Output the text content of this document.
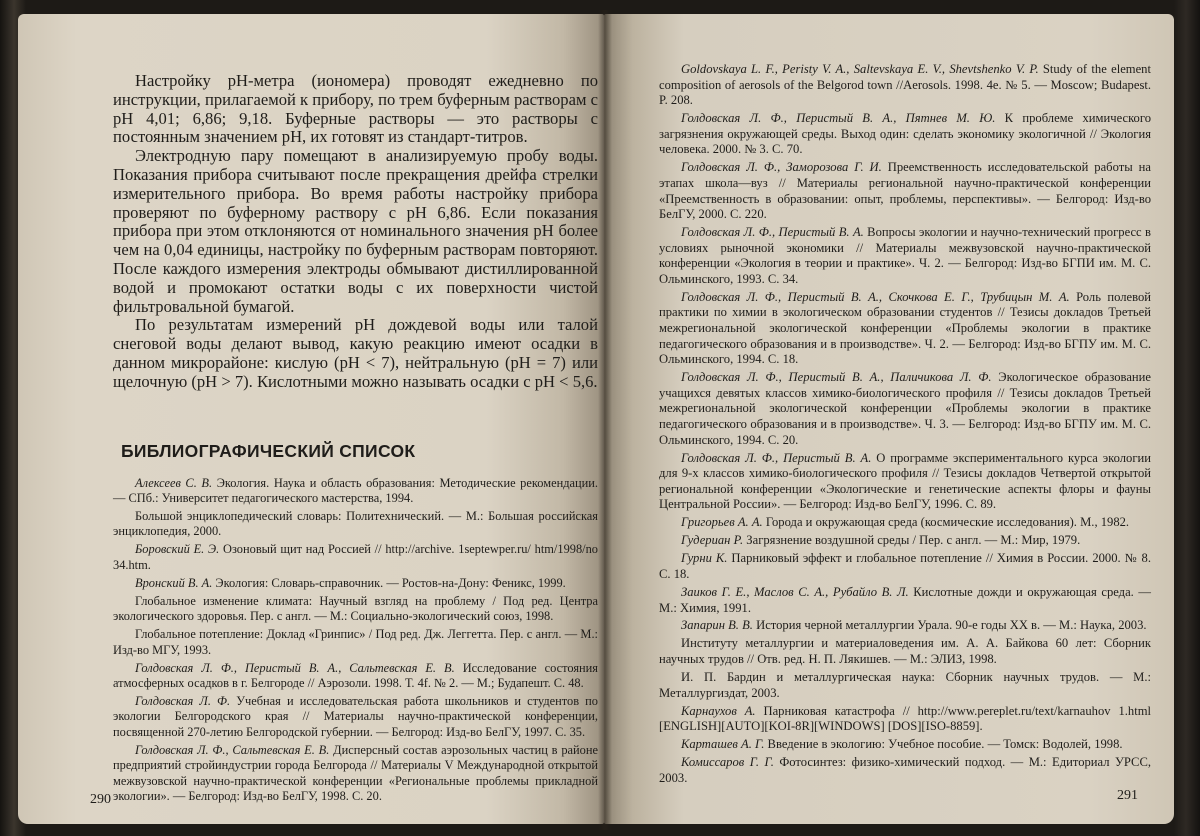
Настройку pH-метра (иономера) проводят ежедневно по инструкции, прилагаемой к прибору, по трем буферным растворам с pH 4,01; 6,86; 9,18. Буферные растворы — это растворы с постоянным значением pH, их готовят из стандарт-титров.

Электродную пару помещают в анализируемую пробу воды. Показания прибора считывают после прекращения дрейфа стрелки измерительного прибора. Во время работы настройку прибора проверяют по буферному раствору с pH 6,86. Если показания прибора при этом отклоняются от номинального значения pH более чем на 0,04 единицы, настройку по буферным растворам повторяют. После каждого измерения электроды обмывают дистиллированной водой и промокают остатки воды с их поверхности чистой фильтровальной бумагой.

По результатам измерений pH дождевой воды или талой снеговой воды делают вывод, какую реакцию имеют осадки в данном микрорайоне: кислую (pH < 7), нейтральную (pH = 7) или щелочную (pH > 7). Кислотными можно называть осадки с pH < 5,6.

БИБЛИОГРАФИЧЕСКИЙ СПИСОК

Алексеев С. В. Экология. Наука и область образования: Методические рекомендации. — СПб.: Университет педагогического мастерства, 1994.

Большой энциклопедический словарь: Политехнический. — М.: Большая российская энциклопедия, 2000.

Боровский Е. Э. Озоновый щит над Россией // http://archive. 1septewper.ru/ htm/1998/no 34.htm.

Вронский В. А. Экология: Словарь-справочник. — Ростов-на-Дону: Феникс, 1999.

Глобальное изменение климата: Научный взгляд на проблему / Под ред. Центра экологического здоровья. Пер. с англ. — М.: Социально-экологический союз, 1998.

Глобальное потепление: Доклад «Гринпис» / Под ред. Дж. Леггетта. Пер. с англ. — М.: Изд-во МГУ, 1993.

Голдовская Л. Ф., Перистый В. А., Сальтевская Е. В. Исследование состояния атмосферных осадков в г. Белгороде // Аэрозоли. 1998. Т. 4f. № 2. — М.; Будапешт. С. 48.

Голдовская Л. Ф. Учебная и исследовательская работа школьников и студентов по экологии Белгородского края // Материалы научно-практической конференции, посвященной 270-летию Белгородской губернии. — Белгород: Изд-во БелГУ, 1997. С. 35.

Голдовская Л. Ф., Сальтевская Е. В. Дисперсный состав аэрозольных частиц в районе предприятий стройиндустрии города Белгорода // Материалы V Международной открытой межвузовской научно-практической конференции «Региональные проблемы прикладной экологии». — Белгород: Изд-во БелГУ, 1998. С. 20.

290

Goldovskaya L. F., Peristy V. A., Saltevskaya E. V., Shevtshenko V. P. Study of the element composition of aerosols of the Belgorod town //Aerosols. 1998. 4e. № 5. — Moscow; Budapest. P. 208.

Голдовская Л. Ф., Перистый В. А., Пятнев М. Ю. К проблеме химического загрязнения окружающей среды. Выход один: сделать экономику экологичной // Экология человека. 2000. № 3. С. 70.

Голдовская Л. Ф., Заморозова Г. И. Преемственность исследовательской работы на этапах школа—вуз // Материалы региональной научно-практической конференции «Преемственность в образовании: опыт, проблемы, перспективы». — Белгород: Изд-во БелГУ, 2000. С. 220.

Голдовская Л. Ф., Перистый В. А. Вопросы экологии и научно-технический прогресс в условиях рыночной экономики // Материалы межвузовской научно-практической конференции «Экология в теории и практике». Ч. 2. — Белгород: Изд-во БГПИ им. М. С. Ольминского, 1993. С. 34.

Голдовская Л. Ф., Перистый В. А., Скочкова Е. Г., Трубицын М. А. Роль полевой практики по химии в экологическом образовании студентов // Тезисы докладов Третьей межрегиональной экологической конференции «Проблемы экологии в практике педагогического образования и в производстве». Ч. 2. — Белгород: Изд-во БГПУ им. М. С. Ольминского, 1994. С. 18.

Голдовская Л. Ф., Перистый В. А., Паличикова Л. Ф. Экологическое образование учащихся девятых классов химико-биологического профиля // Тезисы докладов Третьей межрегиональной экологической конференции «Проблемы экологии в практике педагогического образования и в производстве». Ч. 3. — Белгород: Изд-во БГПУ им. М. С. Ольминского, 1994. С. 20.

Голдовская Л. Ф., Перистый В. А. О программе экспериментального курса экологии для 9-х классов химико-биологического профиля // Тезисы докладов Четвертой открытой региональной конференции «Экологические и генетические аспекты флоры и фауны Центральной России». — Белгород: Изд-во БелГУ, 1996. С. 89.

Григорьев А. А. Города и окружающая среда (космические исследования). М., 1982.

Гудериан Р. Загрязнение воздушной среды / Пер. с англ. — М.: Мир, 1979.

Гурни К. Парниковый эффект и глобальное потепление // Химия в России. 2000. № 8. С. 18.

Заиков Г. Е., Маслов С. А., Рубайло В. Л. Кислотные дожди и окружающая среда. — М.: Химия, 1991.

Запарин В. В. История черной металлургии Урала. 90-е годы XX в. — М.: Наука, 2003.

Институту металлургии и материаловедения им. А. А. Байкова 60 лет: Сборник научных трудов // Отв. ред. Н. П. Лякишев. — М.: ЭЛИЗ, 1998.

И. П. Бардин и металлургическая наука: Сборник научных трудов. — М.: Металлургиздат, 2003.

Карнаухов А. Парниковая катастрофа // http://www.pereplet.ru/text/karnauhov 1.html [ENGLISH][AUTO][KOI-8R][WINDOWS] [DOS][ISO-8859].

Карташев А. Г. Введение в экологию: Учебное пособие. — Томск: Водолей, 1998.

Комиссаров Г. Г. Фотосинтез: физико-химический подход. — М.: Едиториал УРСС, 2003.

291
